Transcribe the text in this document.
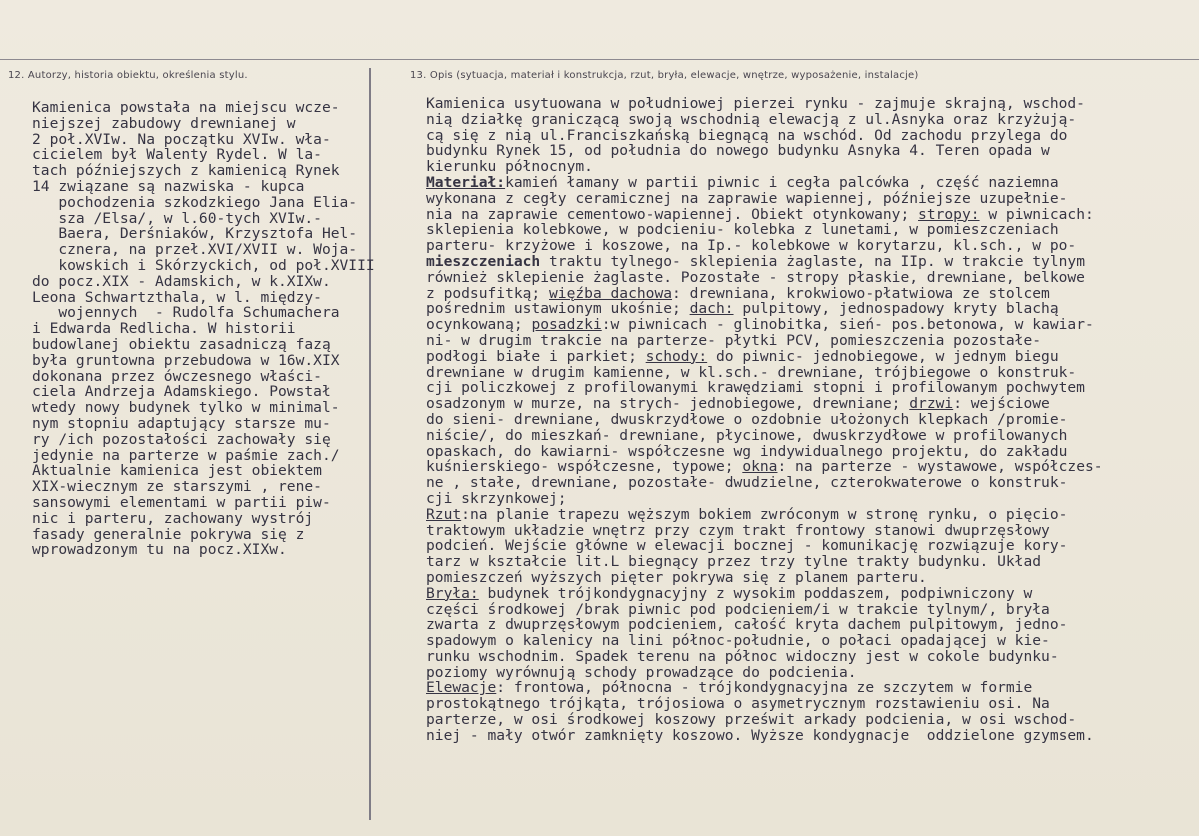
12. Autorzy, historia obiektu, określenia stylu.	13. Opis (sytuacja, materiał i konstrukcja, rzut, bryła, elewacje, wnętrze, wyposażenie, instalacje)
Kamienica powstała na miejscu wcze-
niejszej zabudowy drewnianej w
2 poł.XVIw. Na początku XVIw. wła-
cicielem był Walenty Rydel. W la-
tach późniejszych z kamienicą Rynek
14 związane są nazwiska - kupca
pochodzenia szkodzkiego Jana Elia-
sza /Elsa/, w l.60-tych XVIw.-
Baera, Derśniaków, Krzysztofa Hel-
cznera, na przeł.XVI/XVII w. Woja-
kowskich i Skórzyckich, od poł.XVIII
do pocz.XIX - Adamskich, w k.XIXw.
Leona Schwartzthala, w l. między-
wojennych  - Rudolfa Schumachera
i Edwarda Redlicha. W historii
budowlanej obiektu zasadniczą fazą
była gruntowna przebudowa w 16w.XIX
dokonana przez ówczesnego właści-
ciela Andrzeja Adamskiego. Powstał
wtedy nowy budynek tylko w minimal-
nym stopniu adaptujący starsze mu-
ry /ich pozostałości zachowały się
jedynie na parterze w paśmie zach./
Aktualnie kamienica jest obiektem
XIX-wiecznym ze starszymi , rene-
sansowymi elementami w partii piw-
nic i parteru, zachowany wystrój
fasady generalnie pokrywa się z
wprowadzonym tu na pocz.XIXw.
Kamienica usytuowana w południowej pierzei rynku - zajmuje skrajną, wschod-
nią działkę graniczącą swoją wschodnią elewacją z ul.Asnyka oraz krzyżują-
cą się z nią ul.Franciszkańską biegnącą na wschód. Od zachodu przylega do
budynku Rynek 15, od południa do nowego budynku Asnyka 4. Teren opada w
kierunku północnym.
Materiał:kamień łamany w partii piwnic i cegła palcówka , część naziemna
wykonana z cegły ceramicznej na zaprawie wapiennej, późniejsze uzupełnie-
nia na zaprawie cementowo-wapiennej. Obiekt otynkowany; stropy: w piwnicach:
sklepienia kolebkowe, w podcieniu- kolebka z lunetami, w pomieszczeniach
parteru- krzyżowe i koszowe, na Ip.- kolebkowe w korytarzu, kl.sch., w po-
mieszczeniach traktu tylnego- sklepienia żaglaste, na IIp. w trakcie tylnym
również sklepienie żaglaste. Pozostałe - stropy płaskie, drewniane, belkowe
z podsufitką; więźba dachowa: drewniana, krokwiowo-płatwiowa ze stolcem
pośrednim ustawionym ukośnie; dach: pulpitowy, jednospadowy kryty blachą
ocynkowaną; posadzki:w piwnicach - glinobitka, sień- pos.betonowa, w kawiar-
ni- w drugim trakcie na parterze- płytki PCV, pomieszczenia pozostałe-
podłogi białe i parkiet; schody: do piwnic- jednobiegowe, w jednym biegu
drewniane w drugim kamienne, w kl.sch.- drewniane, trójbiegowe o konstruk-
cji policzkowej z profilowanymi krawędziami stopni i profilowanym pochwytem
osadzonym w murze, na strych- jednobiegowe, drewniane; drzwi: wejściowe
do sieni- drewniane, dwuskrzydłowe o ozdobnie ułożonych klepkach /promie-
niście/, do mieszkań- drewniane, płycinowe, dwuskrzydłowe w profilowanych
opaskach, do kawiarni- współczesne wg indywidualnego projektu, do zakładu
kuśnierskiego- współczesne, typowe; okna: na parterze - wystawowe, współczes-
ne , stałe, drewniane, pozostałe- dwudzielne, czterokwaterowe o konstruk-
cji skrzynkowej;
Rzut:na planie trapezu węższym bokiem zwróconym w stronę rynku, o pięcio-
traktowym układzie wnętrz przy czym trakt frontowy stanowi dwuprzęsłowy
podcień. Wejście główne w elewacji bocznej - komunikację rozwiązuje kory-
tarz w kształcie lit.L biegnący przez trzy tylne trakty budynku. Układ
pomieszczeń wyższych pięter pokrywa się z planem parteru.
Bryła: budynek trójkondygnacyjny z wysokim poddaszem, podpiwniczony w
części środkowej /brak piwnic pod podcieniem/i w trakcie tylnym/, bryła
zwarta z dwuprzęsłowym podcieniem, całość kryta dachem pulpitowym, jedno-
spadowym o kalenicy na lini północ-południe, o połaci opadającej w kie-
runku wschodnim. Spadek terenu na północ widoczny jest w cokole budynku-
poziomy wyrównują schody prowadzące do podcienia.
Elewacje: frontowa, północna - trójkondygnacyjna ze szczytem w formie
prostokątnego trójkąta, trójosiowa o asymetrycznym rozstawieniu osi. Na
parterze, w osi środkowej koszowy prześwit arkady podcienia, w osi wschod-
niej - mały otwór zamknięty koszowo. Wyższe kondygnacje  oddzielone gzymsem.
